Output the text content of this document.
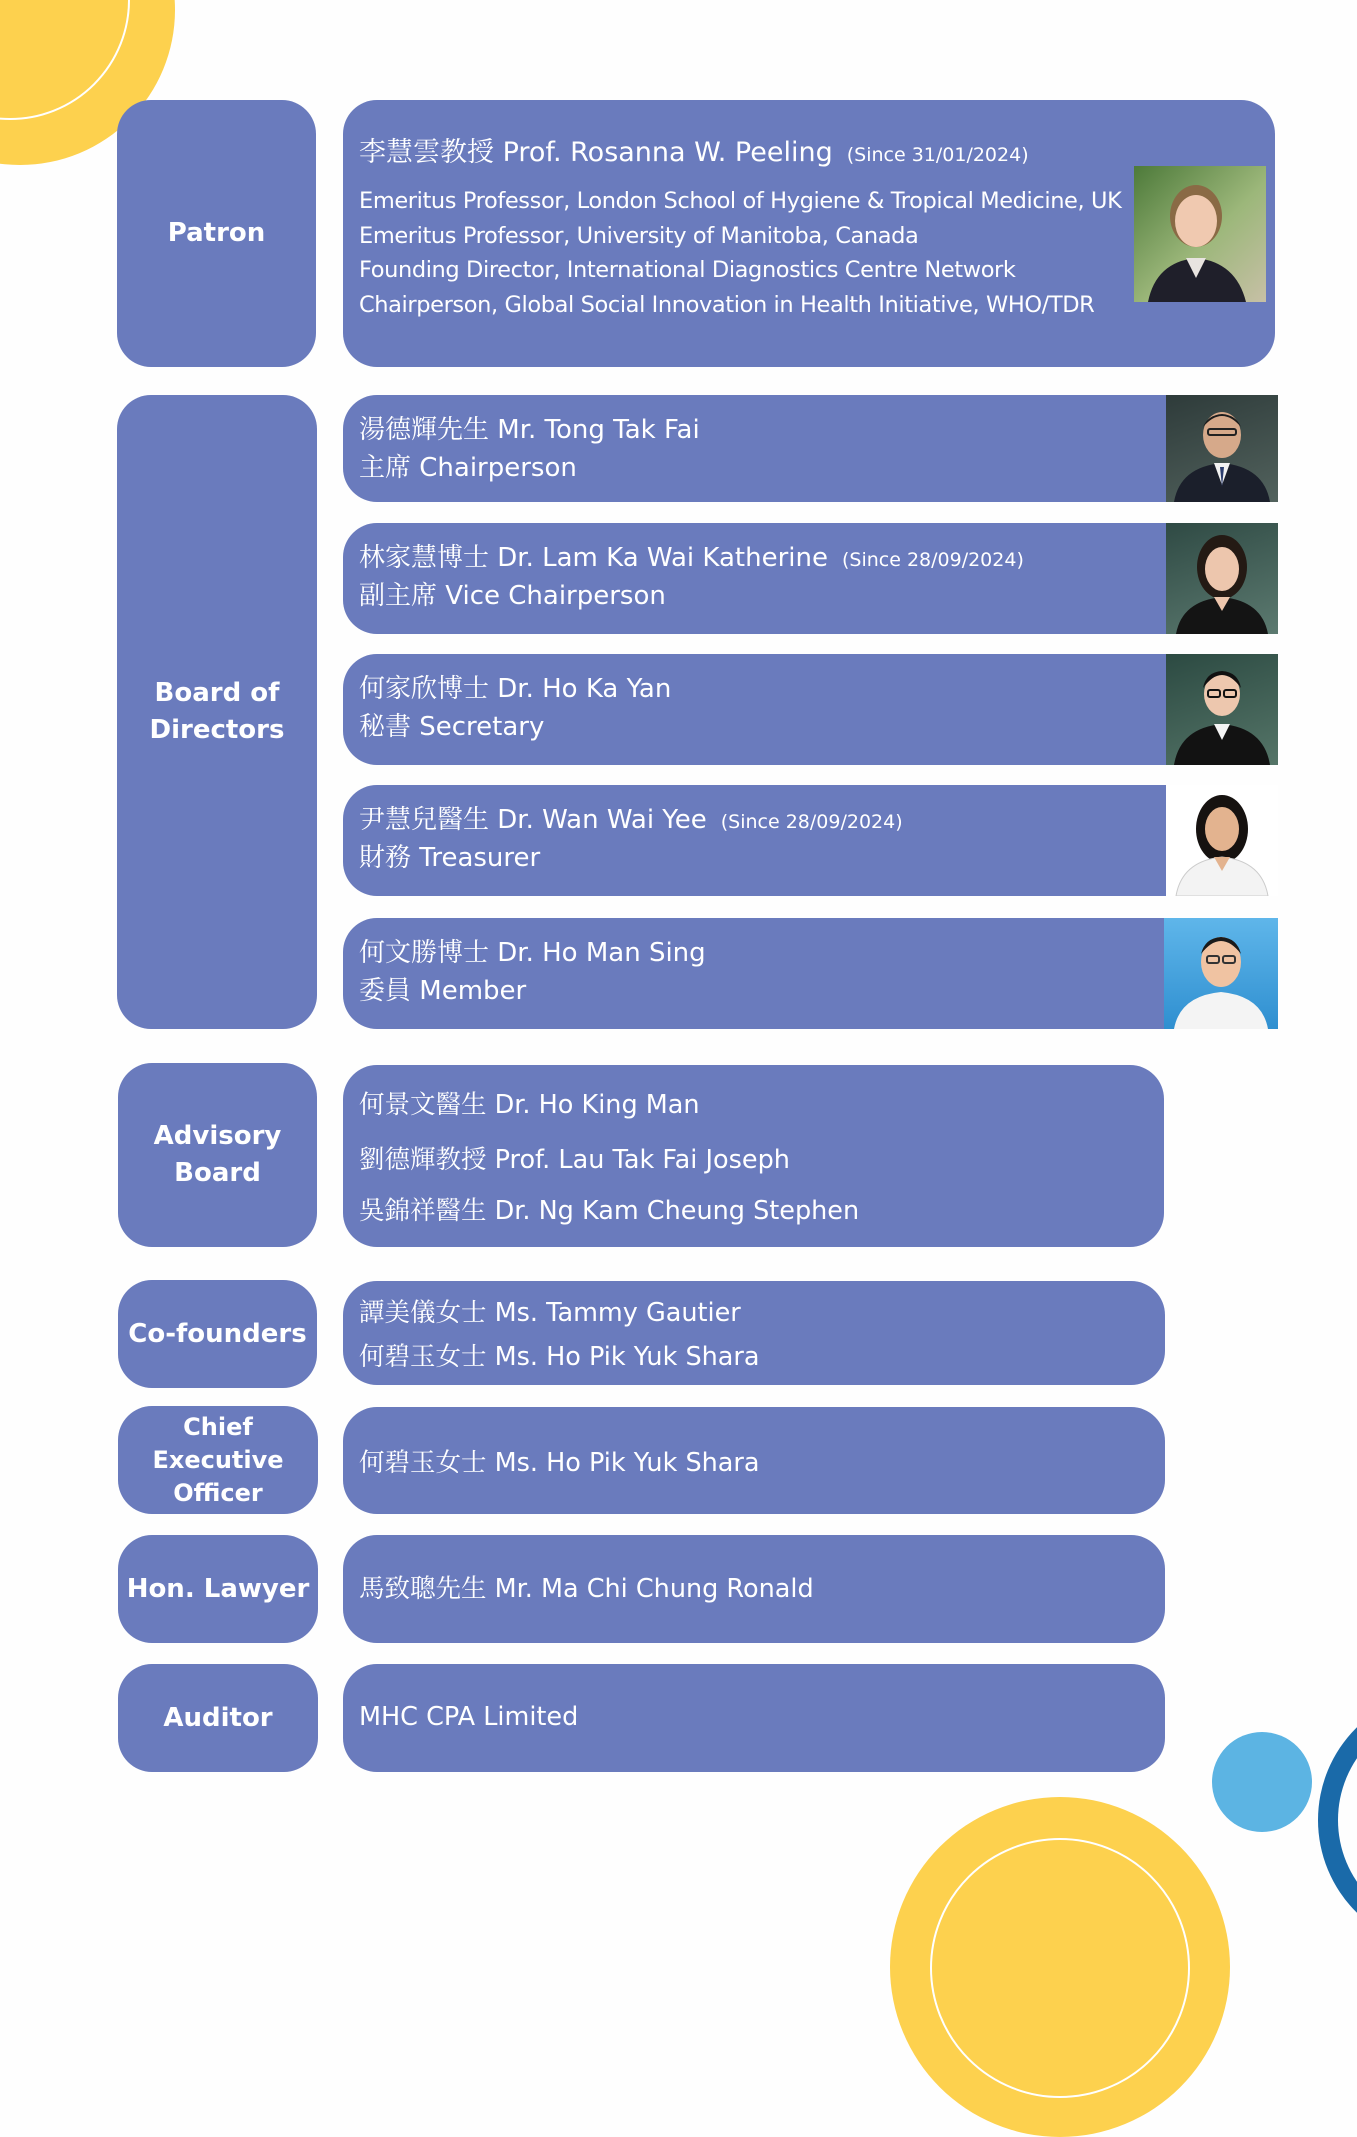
Patron
李慧雲教授 Prof. Rosanna W. Peeling (Since 31/01/2024)
Emeritus Professor, London School of Hygiene & Tropical Medicine, UK
Emeritus Professor, University of Manitoba, Canada
Founding Director, International Diagnostics Centre Network
Chairperson, Global Social Innovation in Health Initiative, WHO/TDR
Board of
Directors
湯德輝先生 Mr. Tong Tak Fai
主席 Chairperson
林家慧博士 Dr. Lam Ka Wai Katherine (Since 28/09/2024)
副主席 Vice Chairperson
何家欣博士 Dr. Ho Ka Yan
秘書 Secretary
尹慧兒醫生 Dr. Wan Wai Yee (Since 28/09/2024)
財務 Treasurer
何文勝博士 Dr. Ho Man Sing
委員 Member
Advisory
Board
何景文醫生 Dr. Ho King Man
劉德輝教授 Prof. Lau Tak Fai Joseph
吳錦祥醫生 Dr. Ng Kam Cheung Stephen
Co-founders
譚美儀女士 Ms. Tammy Gautier
何碧玉女士 Ms. Ho Pik Yuk Shara
Chief Executive
Officer
何碧玉女士 Ms. Ho Pik Yuk Shara
Hon. Lawyer 馬致聰先生 Mr. Ma Chi Chung Ronald
Auditor	MHC CPA Limited
